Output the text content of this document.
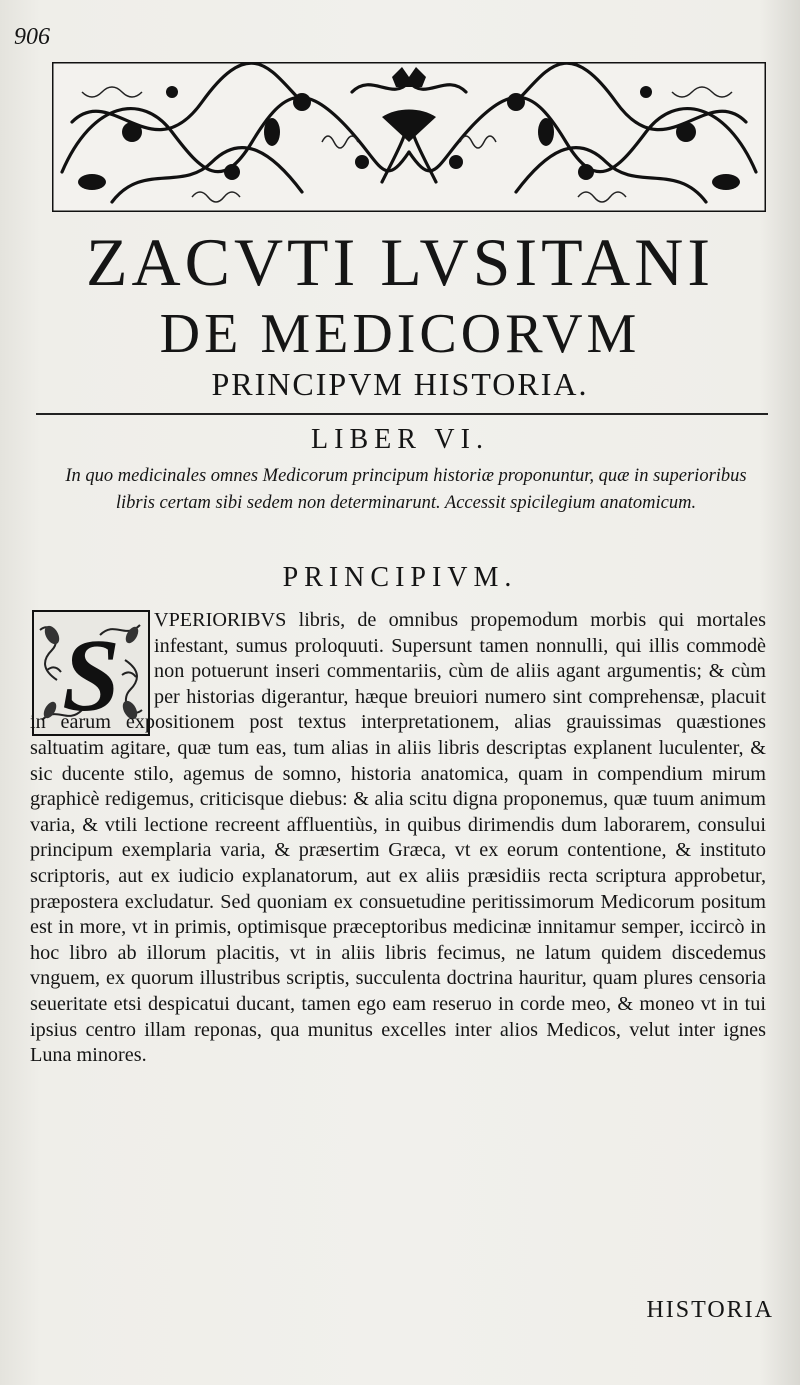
906
ZACVTI LVSITANI
DE MEDICORVM
PRINCIPVM HISTORIA.
LIBER VI.
In quo medicinales omnes Medicorum principum historiæ proponuntur, quæ in superioribus libris certam sibi sedem non determinarunt. Accessit spicilegium anatomicum.
PRINCIPIVM.
S	VPERIORIBVS libris, de omnibus propemodum morbis qui mortales infestant, sumus proloquuti. Supersunt tamen nonnulli, qui illis commodè non potuerunt inseri commentariis, cùm de aliis agant argumentis; & cùm per historias digerantur, hæque breuiori numero sint comprehensæ, placuit in earum expositionem post textus interpretationem, alias grauissimas quæstiones saltuatim agitare, quæ tum eas, tum alias in aliis libris descriptas explanent luculenter, & sic ducente stilo, agemus de somno, historia anatomica, quam in compendium mirum graphicè redigemus, criticisque diebus: & alia scitu digna proponemus, quæ tuum animum varia, & vtili lectione recreent affluentiùs, in quibus dirimendis dum laborarem, consului principum exemplaria varia, & præsertim Græca, vt ex eorum contentione, & instituto scriptoris, aut ex iudicio explanatorum, aut ex aliis præsidiis recta scriptura approbetur, præpostera excludatur. Sed quoniam ex consuetudine peritissimorum Medicorum positum est in more, vt in primis, optimisque præceptoribus medicinæ innitamur semper, iccircò in hoc libro ab illorum placitis, vt in aliis libris fecimus, ne latum quidem discedemus vnguem, ex quorum illustribus scriptis, succulenta doctrina hauritur, quam plures censoria seueritate etsi despicatui ducant, tamen ego eam reseruo in corde meo, & moneo vt in tui ipsius centro illam reponas, qua munitus excelles inter alios Medicos, velut inter ignes Luna minores.

HISTORIA
